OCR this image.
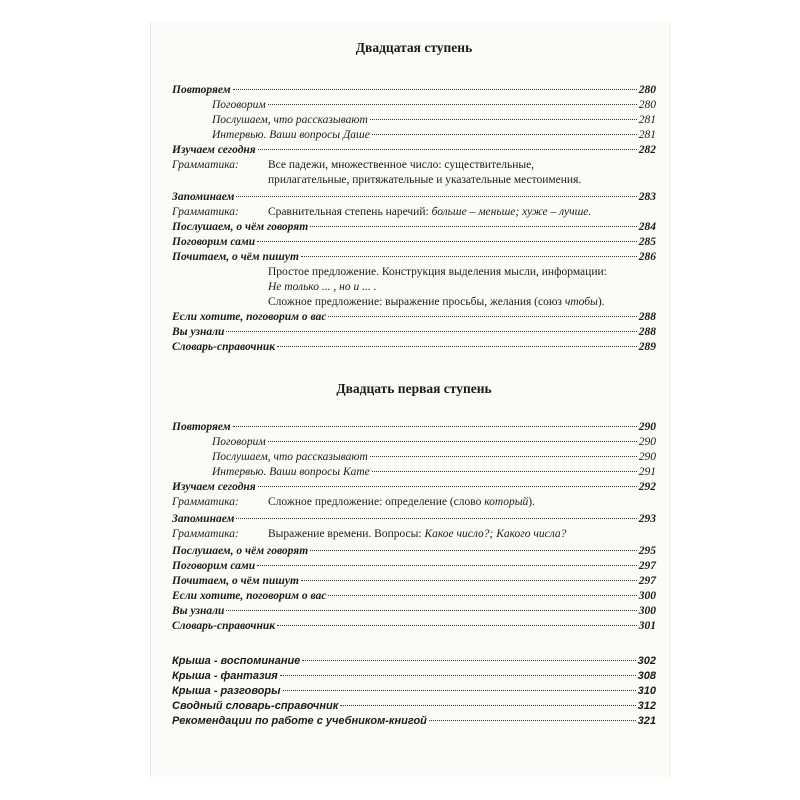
Двадцатая ступень
Повторяем	280
Поговорим	280
Послушаем, что рассказывают	281
Интервью. Ваши вопросы Даше	281
Изучаем сегодня	282
Грамматика:	Все падежи, множественное число: существительные,
прилагательные, притяжательные и указательные местоимения.
Запоминаем	283
Грамматика:	Сравнительная степень наречий: больше – меньше; хуже – лучше.
Послушаем, о чём говорят	284
Поговорим сами	285
Почитаем, о чём пишут	286
Простое предложение. Конструкция выделения мысли, информации:
Не только ... , но и ... .
Сложное предложение: выражение просьбы, желания (союз чтобы).
Если хотите, поговорим о вас	288
Вы узнали	288
Словарь-справочник	289
Двадцать первая ступень
Повторяем	290
Поговорим	290
Послушаем, что рассказывают	290
Интервью. Ваши вопросы Кате	291
Изучаем сегодня	292
Грамматика:	Сложное предложение: определение (слово который).
Запоминаем	293
Грамматика:	Выражение времени. Вопросы: Какое число?; Какого числа?
Послушаем, о чём говорят	295
Поговорим сами	297
Почитаем, о чём пишут	297
Если хотите, поговорим о вас	300
Вы узнали	300
Словарь-справочник	301
Крыша - воспоминание	302
Крыша - фантазия	308
Крыша - разговоры	310
Сводный словарь-справочник	312
Рекомендации по работе с учебником-книгой	321
